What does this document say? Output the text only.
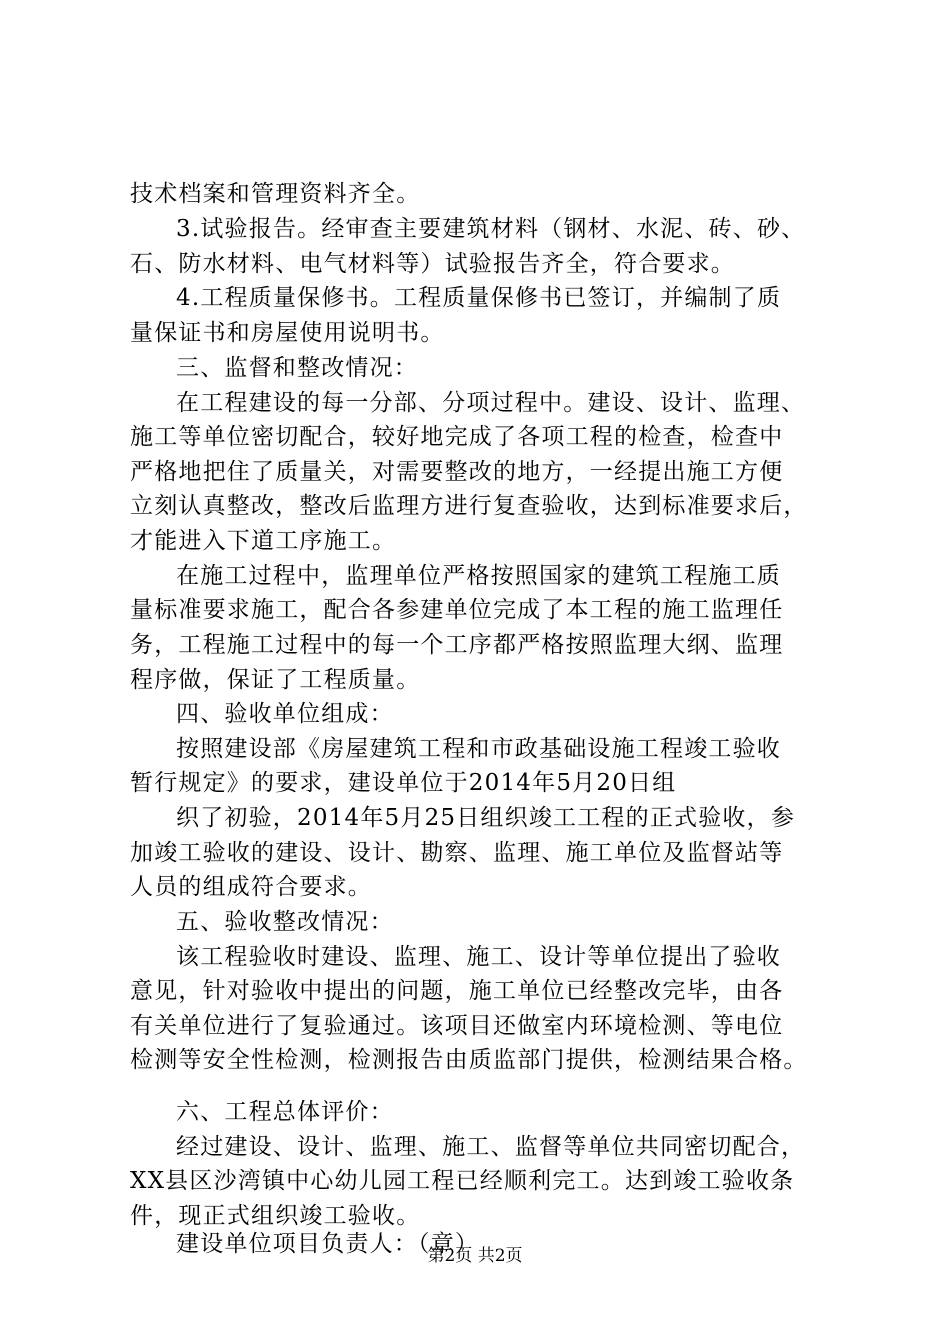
技术档案和管理资料齐全。
3.试验报告。经审查主要建筑材料（钢材、水泥、砖、砂、
石、防水材料、电气材料等）试验报告齐全，符合要求。
4.工程质量保修书。工程质量保修书已签订，并编制了质
量保证书和房屋使用说明书。
三、监督和整改情况：
在工程建设的每一分部、分项过程中。建设、设计、监理、
施工等单位密切配合，较好地完成了各项工程的检查，检查中
严格地把住了质量关，对需要整改的地方，一经提出施工方便
立刻认真整改，整改后监理方进行复查验收，达到标准要求后，
才能进入下道工序施工。
在施工过程中，监理单位严格按照国家的建筑工程施工质
量标准要求施工，配合各参建单位完成了本工程的施工监理任
务，工程施工过程中的每一个工序都严格按照监理大纲、监理
程序做，保证了工程质量。
四、验收单位组成：
按照建设部《房屋建筑工程和市政基础设施工程竣工验收
暂行规定》的要求，建设单位于2014年5月20日组
织了初验，2014年5月25日组织竣工工程的正式验收，参
加竣工验收的建设、设计、勘察、监理、施工单位及监督站等
人员的组成符合要求。
五、验收整改情况：
该工程验收时建设、监理、施工、设计等单位提出了验收
意见，针对验收中提出的问题，施工单位已经整改完毕，由各
有关单位进行了复验通过。该项目还做室内环境检测、等电位
检测等安全性检测，检测报告由质监部门提供，检测结果合格。
六、工程总体评价：
经过建设、设计、监理、施工、监督等单位共同密切配合，
XX县区沙湾镇中心幼儿园工程已经顺利完工。达到竣工验收条
件，现正式组织竣工验收。
建设单位项目负责人：（章）
第2页 共2页
